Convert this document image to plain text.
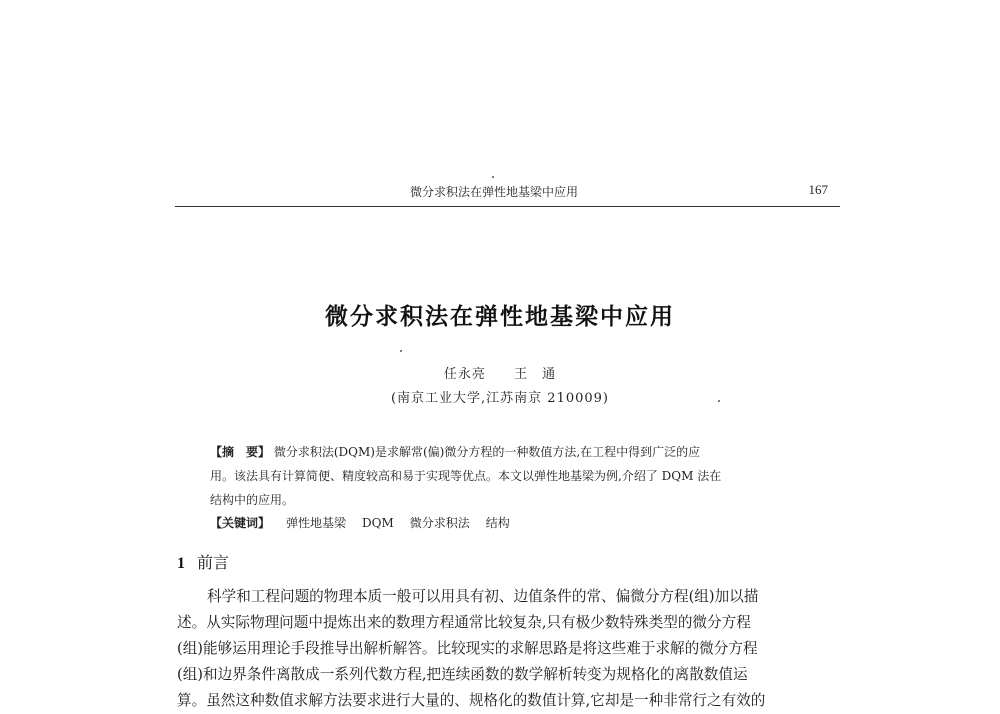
微分求积法在弹性地基梁中应用	167
微分求积法在弹性地基梁中应用
任永亮 王　通
(南京工业大学,江苏南京 210009)
【摘　要】 微分求积法(DQM)是求解常(偏)微分方程的一种数值方法,在工程中得到广泛的应
用。该法具有计算简便、精度较高和易于实现等优点。本文以弹性地基梁为例,介绍了 DQM 法在
结构中的应用。
【关键词】 弹性地基梁 DQM 微分求积法 结构
1 前言
科学和工程问题的物理本质一般可以用具有初、边值条件的常、偏微分方程(组)加以描
述。从实际物理问题中提炼出来的数理方程通常比较复杂,只有极少数特殊类型的微分方程
(组)能够运用理论手段推导出解析解答。比较现实的求解思路是将这些难于求解的微分方程
(组)和边界条件离散成一系列代数方程,把连续函数的数学解析转变为规格化的离散数值运
算。虽然这种数值求解方法要求进行大量的、规格化的数值计算,它却是一种非常行之有效的
